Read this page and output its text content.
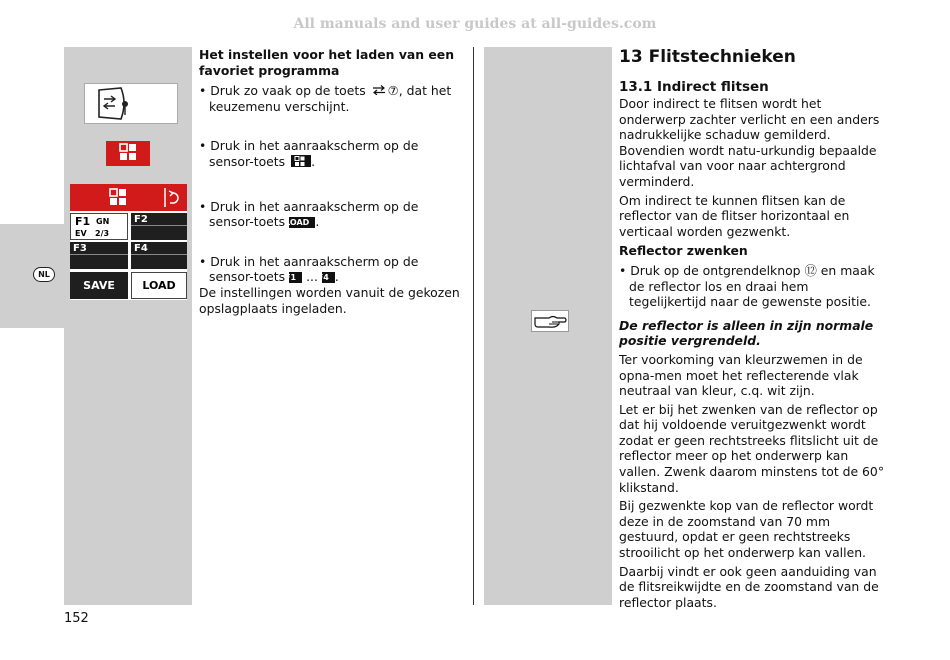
All manuals and user guides at all-guides.com
NL
F1 GN
EV 2/3
F2
F3	F4
SAVE	LOAD

Het instellen voor het laden van een favoriet programma

• Druk zo vaak op de toets ⑦, dat het keuzemenu verschijnt.

• Druk in het aanraakscherm op de sensor-toets .

• Druk in het aanraakscherm op de sensor-toets LOAD .

• Druk in het aanraakscherm op de sensor-toets F1 ... F4 .

De instellingen worden vanuit de gekozen opslagplaats ingeladen.

13 Flitstechnieken

13.1 Indirect flitsen

Door indirect te flitsen wordt het onderwerp zachter verlicht en een anders nadrukkelijke schaduw gemilderd. Bovendien wordt natu-urkundig bepaalde lichtafval van voor naar achtergrond verminderd.

Om indirect te kunnen flitsen kan de reflector van de flitser horizontaal en verticaal worden gezwenkt.

Reflector zwenken

• Druk op de ontgrendelknop ⑫ en maak de reflector los en draai hem tegelijkertijd naar de gewenste positie.

De reflector is alleen in zijn normale positie vergrendeld.

Ter voorkoming van kleurzwemen in de opna-men moet het reflecterende vlak neutraal van kleur, c.q. wit zijn.

Let er bij het zwenken van de reflector op dat hij voldoende veruitgezwenkt wordt zodat er geen rechtstreeks flitslicht uit de reflector meer op het onderwerp kan vallen. Zwenk daarom minstens tot de 60° klikstand.

Bij gezwenkte kop van de reflector wordt deze in de zoomstand van 70 mm gestuurd, opdat er geen rechtstreeks strooilicht op het onderwerp kan vallen.

Daarbij vindt er ook geen aanduiding van de flitsreikwijdte en de zoomstand van de reflector plaats.

152
